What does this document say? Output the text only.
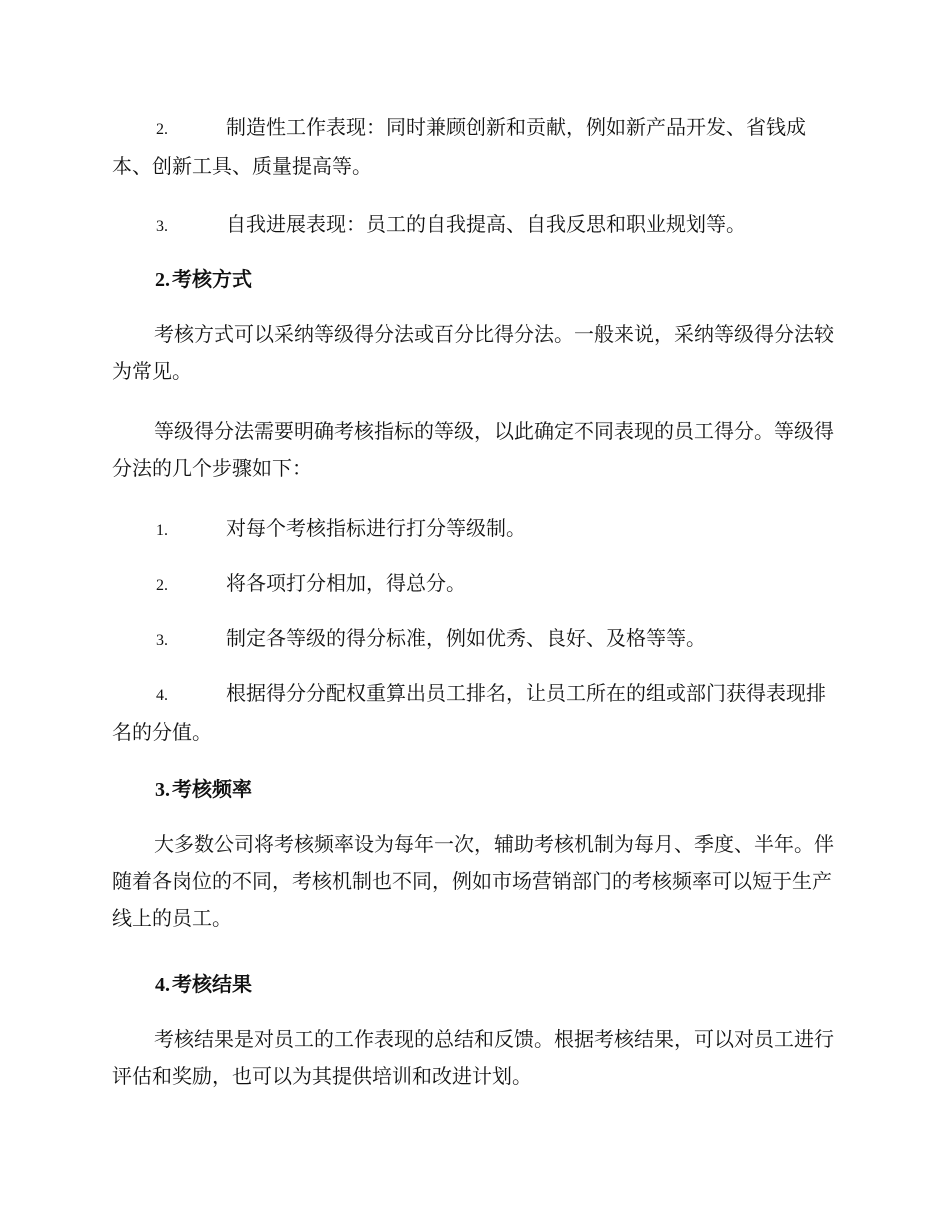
2.	制造性工作表现：同时兼顾创新和贡献，例如新产品开发、省钱成本、创新工具、质量提高等。
3.	自我进展表现：员工的自我提高、自我反思和职业规划等。
2. 考核方式
考核方式可以采纳等级得分法或百分比得分法。一般来说，采纳等级得分法较为常见。
等级得分法需要明确考核指标的等级，以此确定不同表现的员工得分。等级得分法的几个步骤如下：
1.	对每个考核指标进行打分等级制。
2.	将各项打分相加，得总分。
3.	制定各等级的得分标准，例如优秀、良好、及格等等。
4.	根据得分分配权重算出员工排名，让员工所在的组或部门获得表现排名的分值。
3. 考核频率
大多数公司将考核频率设为每年一次，辅助考核机制为每月、季度、半年。伴随着各岗位的不同，考核机制也不同，例如市场营销部门的考核频率可以短于生产线上的员工。
4. 考核结果
考核结果是对员工的工作表现的总结和反馈。根据考核结果，可以对员工进行评估和奖励，也可以为其提供培训和改进计划。
